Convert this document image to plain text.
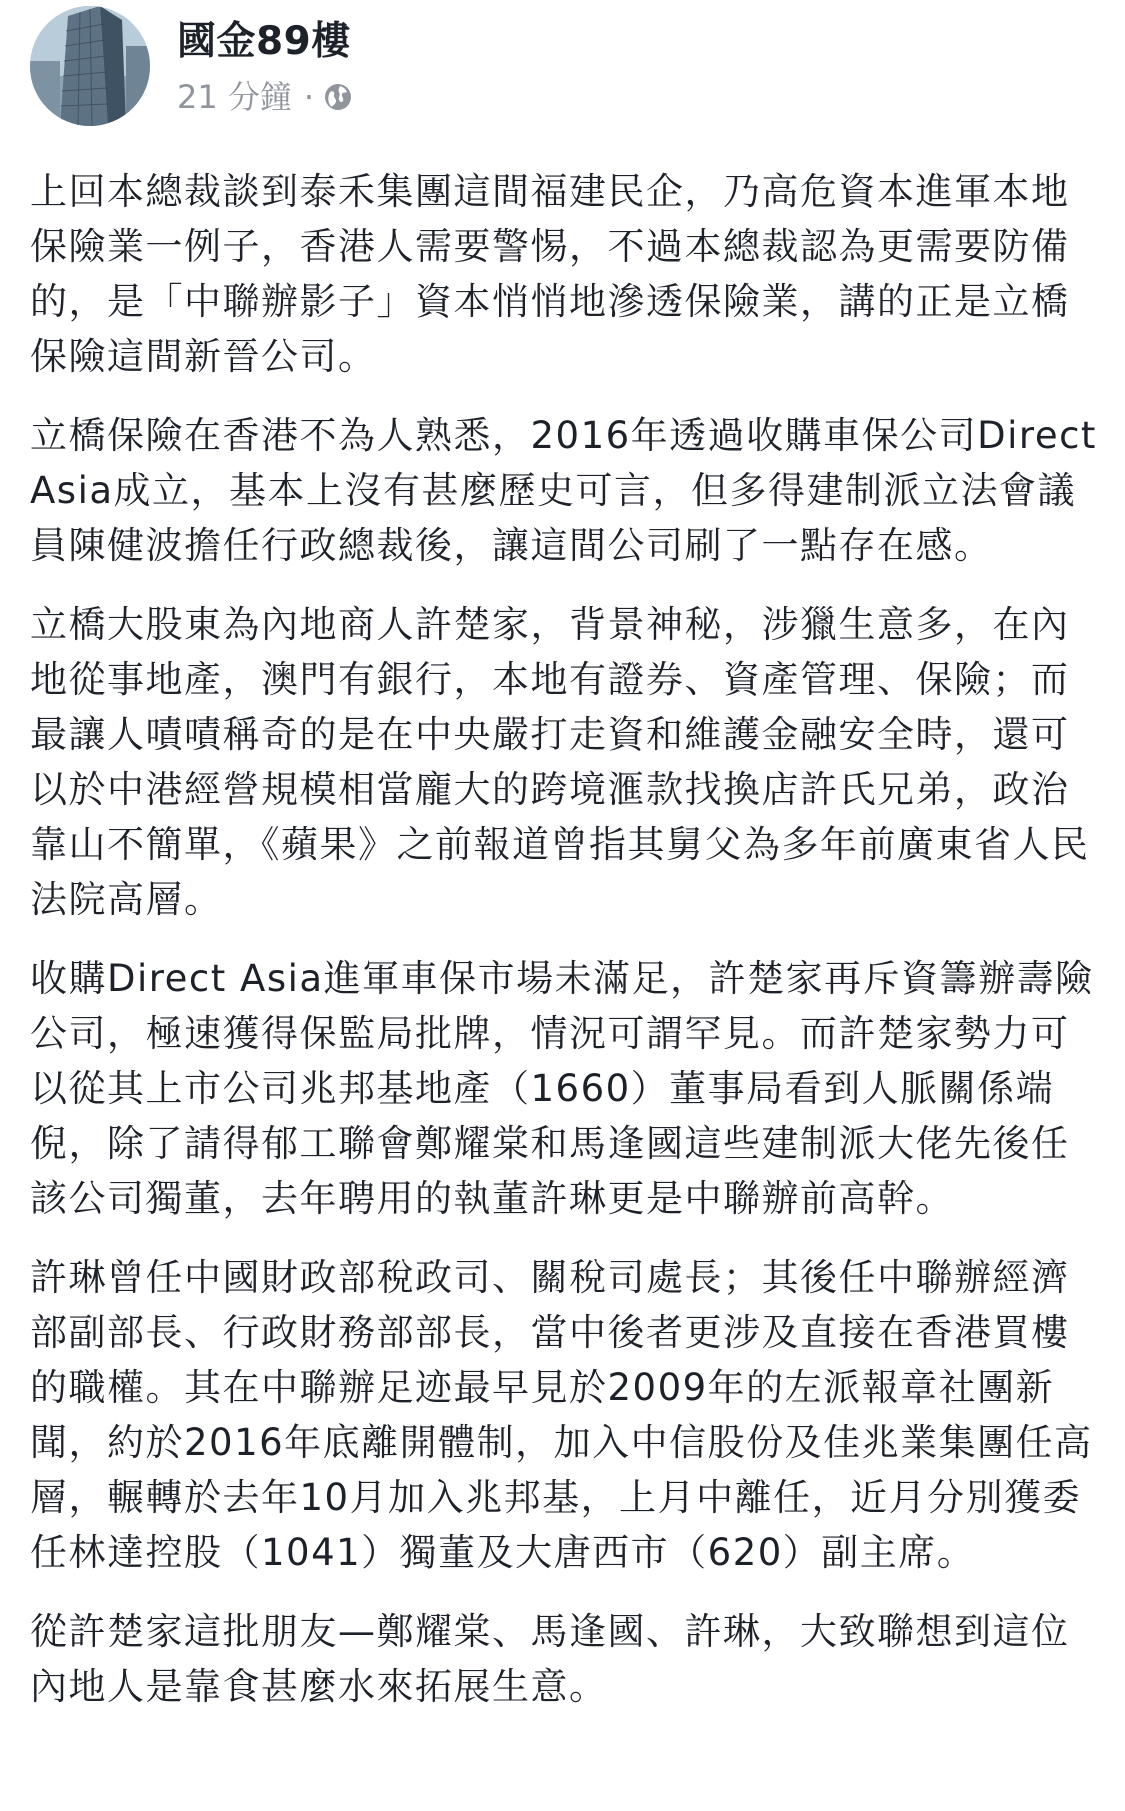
國金89樓
21 分鐘 ·

上回本總裁談到泰禾集團這間福建民企，乃高危資本進軍本地保險業一例子，香港人需要警惕，不過本總裁認為更需要防備的，是「中聯辦影子」資本悄悄地滲透保險業，講的正是立橋保險這間新晉公司。

立橋保險在香港不為人熟悉，2016年透過收購車保公司Direct Asia成立，基本上沒有甚麼歷史可言，但多得建制派立法會議員陳健波擔任行政總裁後，讓這間公司刷了一點存在感。

立橋大股東為內地商人許楚家，背景神秘，涉獵生意多，在內地從事地產，澳門有銀行，本地有證券、資產管理、保險；而最讓人嘖嘖稱奇的是在中央嚴打走資和維護金融安全時，還可以於中港經營規模相當龐大的跨境滙款找換店許氏兄弟，政治靠山不簡單，《蘋果》之前報道曾指其舅父為多年前廣東省人民法院高層。

收購Direct Asia進軍車保市場未滿足，許楚家再斥資籌辦壽險公司，極速獲得保監局批牌，情況可謂罕見。而許楚家勢力可以從其上市公司兆邦基地產（1660）董事局看到人脈關係端倪，除了請得郁工聯會鄭耀棠和馬逢國這些建制派大佬先後任該公司獨董，去年聘用的執董許琳更是中聯辦前高幹。

許琳曾任中國財政部稅政司、關稅司處長；其後任中聯辦經濟部副部長、行政財務部部長，當中後者更涉及直接在香港買樓的職權。其在中聯辦足迹最早見於2009年的左派報章社團新聞，約於2016年底離開體制，加入中信股份及佳兆業集團任高層，輾轉於去年10月加入兆邦基，上月中離任，近月分別獲委任林達控股（1041）獨董及大唐西市（620）副主席。

從許楚家這批朋友—鄭耀棠、馬逢國、許琳，大致聯想到這位內地人是靠食甚麼水來拓展生意。
